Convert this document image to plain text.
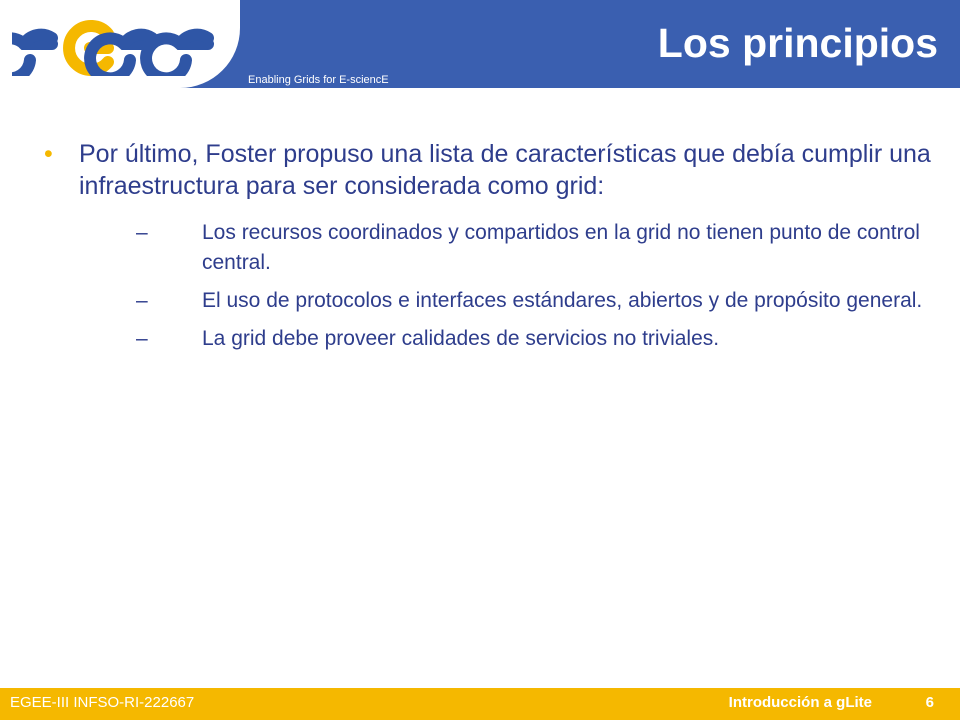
Enabling Grids for E-sciencE
Los principios
• Por último, Foster propuso una lista de características que debía cumplir una infraestructura para ser considerada como grid:
–	Los recursos coordinados y compartidos en la grid no tienen punto de control central.
–	El uso de protocolos e interfaces estándares, abiertos y de propósito general.
–	La grid debe proveer calidades de servicios no triviales.
EGEE-III INFSO-RI-222667	Introducción a gLite	6
